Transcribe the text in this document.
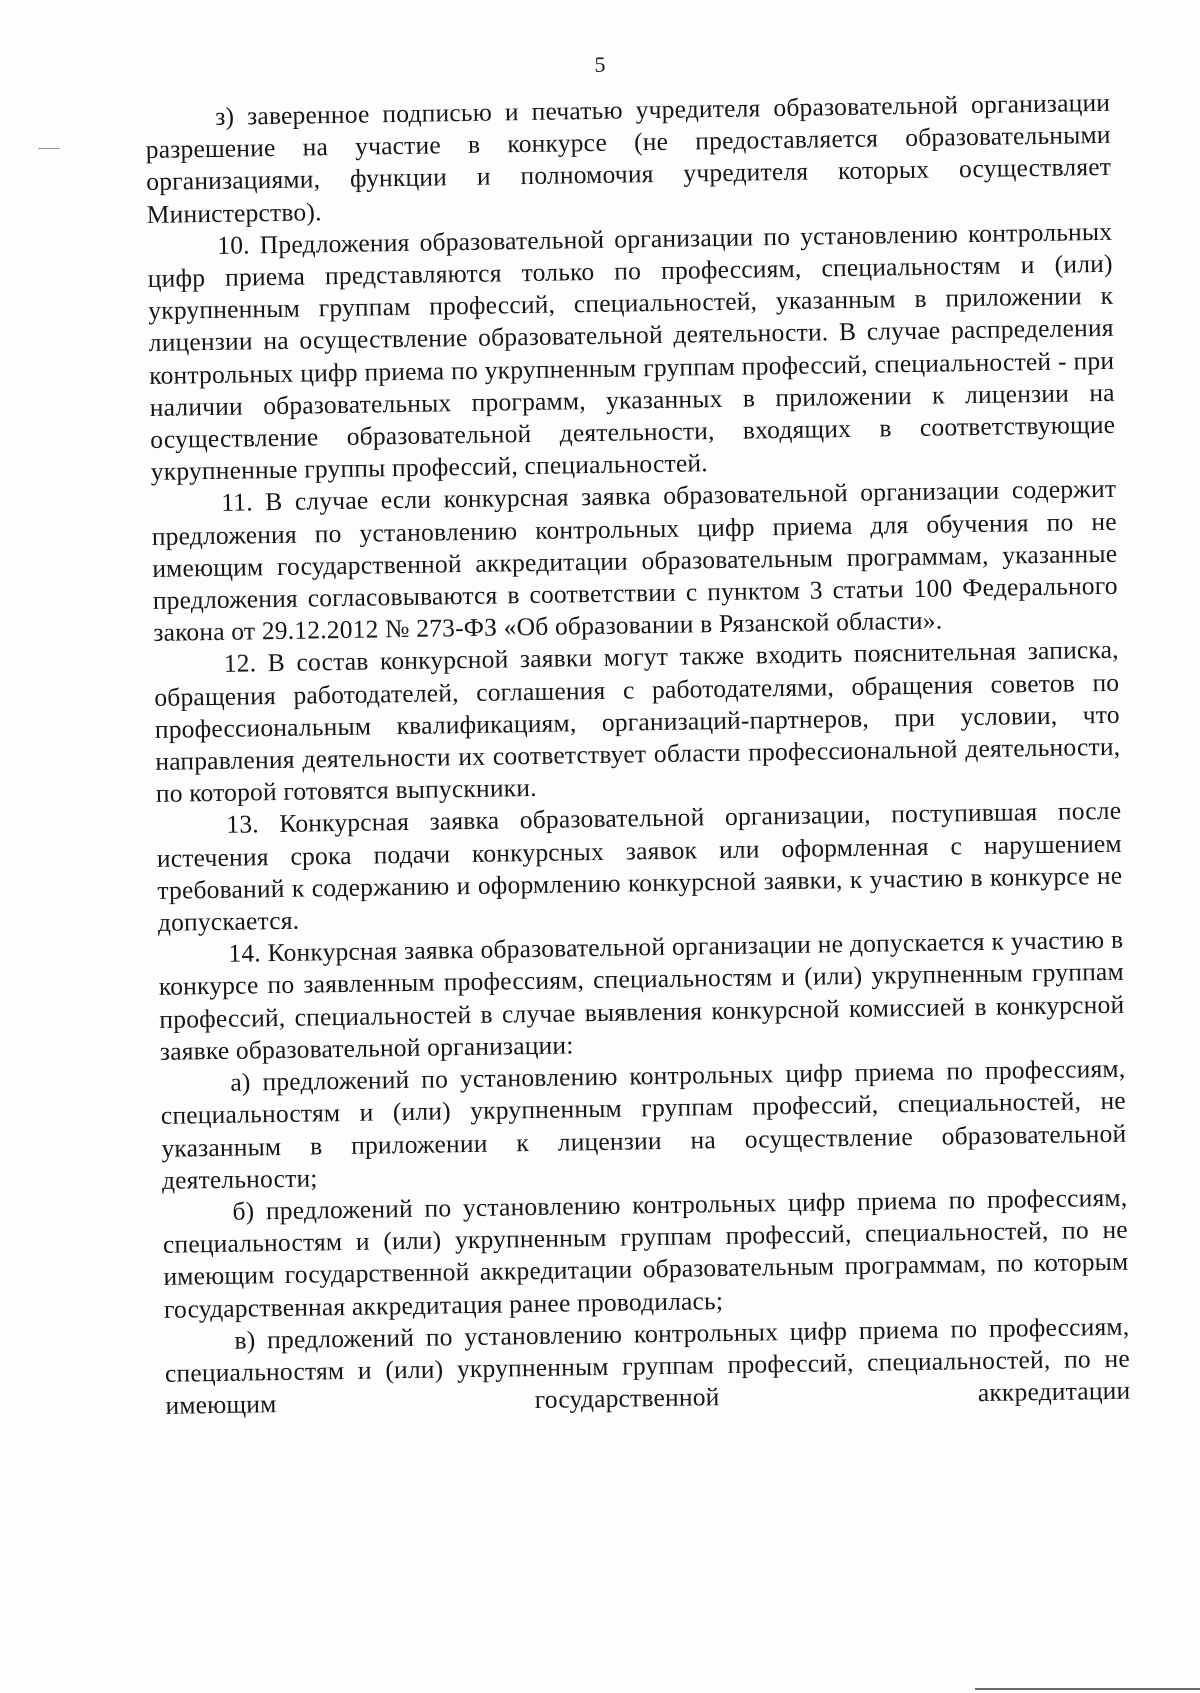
5

з) заверенное подписью и печатью учредителя образовательной организации разрешение на участие в конкурсе (не предоставляется образовательными организациями, функции и полномочия учредителя которых осуществляет Министерство).

10. Предложения образовательной организации по установлению контрольных цифр приема представляются только по профессиям, специальностям и (или) укрупненным группам профессий, специальностей, указанным в приложении к лицензии на осуществление образовательной деятельности. В случае распределения контрольных цифр приема по укрупненным группам профессий, специальностей - при наличии образовательных программ, указанных в приложении к лицензии на осуществление образовательной деятельности, входящих в соответствующие укрупненные группы профессий, специальностей.

11. В случае если конкурсная заявка образовательной организации содержит предложения по установлению контрольных цифр приема для обучения по не имеющим государственной аккредитации образовательным программам, указанные предложения согласовываются в соответствии с пунктом 3 статьи 100 Федерального закона от 29.12.2012 № 273-ФЗ «Об образовании в Рязанской области».

12. В состав конкурсной заявки могут также входить пояснительная записка, обращения работодателей, соглашения с работодателями, обращения советов по профессиональным квалификациям, организаций-партнеров, при условии, что направления деятельности их соответствует области профессиональной деятельности, по которой готовятся выпускники.

13. Конкурсная заявка образовательной организации, поступившая после истечения срока подачи конкурсных заявок или оформленная с нарушением требований к содержанию и оформлению конкурсной заявки, к участию в конкурсе не допускается.

14. Конкурсная заявка образовательной организации не допускается к участию в конкурсе по заявленным профессиям, специальностям и (или) укрупненным группам профессий, специальностей в случае выявления конкурсной комиссией в конкурсной заявке образовательной организации:

а) предложений по установлению контрольных цифр приема по профессиям, специальностям и (или) укрупненным группам профессий, специальностей, не указанным в приложении к лицензии на осуществление образовательной деятельности;

б) предложений по установлению контрольных цифр приема по профессиям, специальностям и (или) укрупненным группам профессий, специальностей, по не имеющим государственной аккредитации образовательным программам, по которым государственная аккредитация ранее проводилась;

в) предложений по установлению контрольных цифр приема по профессиям, специальностям и (или) укрупненным группам профессий, специальностей, по не имеющим государственной аккредитации
